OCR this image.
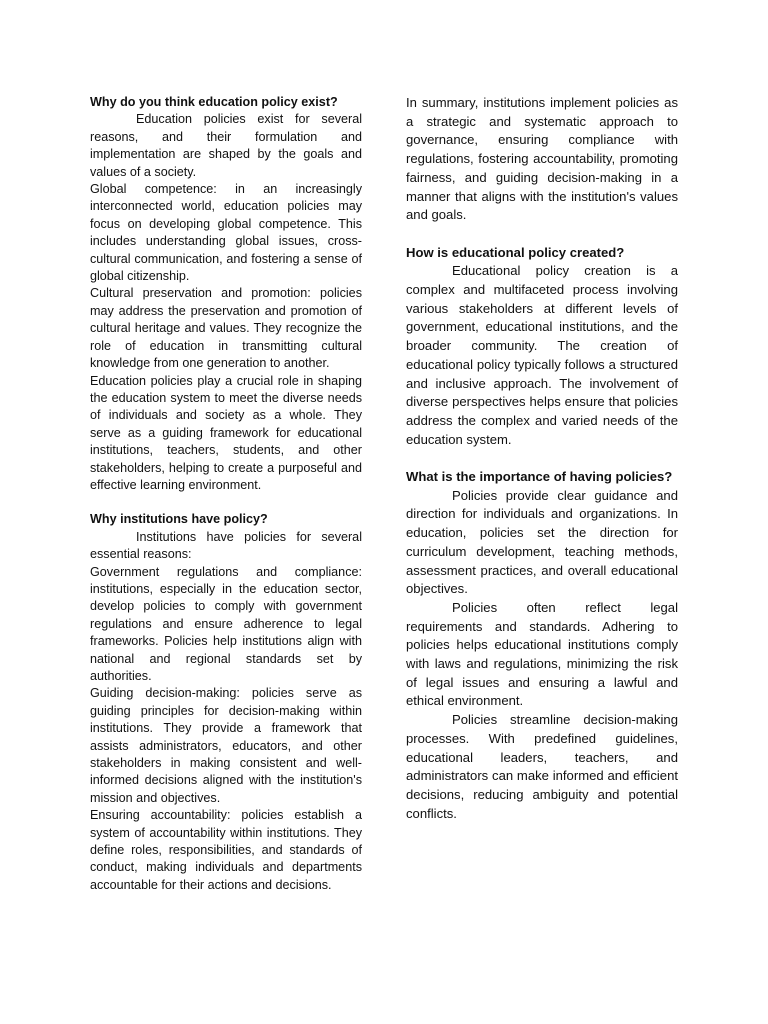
Why do you think education policy exist?

Education policies exist for several reasons, and their formulation and implementation are shaped by the goals and values of a society.

Global competence: in an increasingly interconnected world, education policies may focus on developing global competence. This includes understanding global issues, cross-cultural communication, and fostering a sense of global citizenship.

Cultural preservation and promotion: policies may address the preservation and promotion of cultural heritage and values. They recognize the role of education in transmitting cultural knowledge from one generation to another.

Education policies play a crucial role in shaping the education system to meet the diverse needs of individuals and society as a whole. They serve as a guiding framework for educational institutions, teachers, students, and other stakeholders, helping to create a purposeful and effective learning environment.

Why institutions have policy?

Institutions have policies for several essential reasons:

Government regulations and compliance: institutions, especially in the education sector, develop policies to comply with government regulations and ensure adherence to legal frameworks. Policies help institutions align with national and regional standards set by authorities.

Guiding decision-making: policies serve as guiding principles for decision-making within institutions. They provide a framework that assists administrators, educators, and other stakeholders in making consistent and well-informed decisions aligned with the institution's mission and objectives.

Ensuring accountability: policies establish a system of accountability within institutions. They define roles, responsibilities, and standards of conduct, making individuals and departments accountable for their actions and decisions.

In summary, institutions implement policies as a strategic and systematic approach to governance, ensuring compliance with regulations, fostering accountability, promoting fairness, and guiding decision-making in a manner that aligns with the institution's values and goals.

How is educational policy created?

Educational policy creation is a complex and multifaceted process involving various stakeholders at different levels of government, educational institutions, and the broader community. The creation of educational policy typically follows a structured and inclusive approach. The involvement of diverse perspectives helps ensure that policies address the complex and varied needs of the education system.

What is the importance of having policies?

Policies provide clear guidance and direction for individuals and organizations. In education, policies set the direction for curriculum development, teaching methods, assessment practices, and overall educational objectives.

Policies often reflect legal requirements and standards. Adhering to policies helps educational institutions comply with laws and regulations, minimizing the risk of legal issues and ensuring a lawful and ethical environment.

Policies streamline decision-making processes. With predefined guidelines, educational leaders, teachers, and administrators can make informed and efficient decisions, reducing ambiguity and potential conflicts.
